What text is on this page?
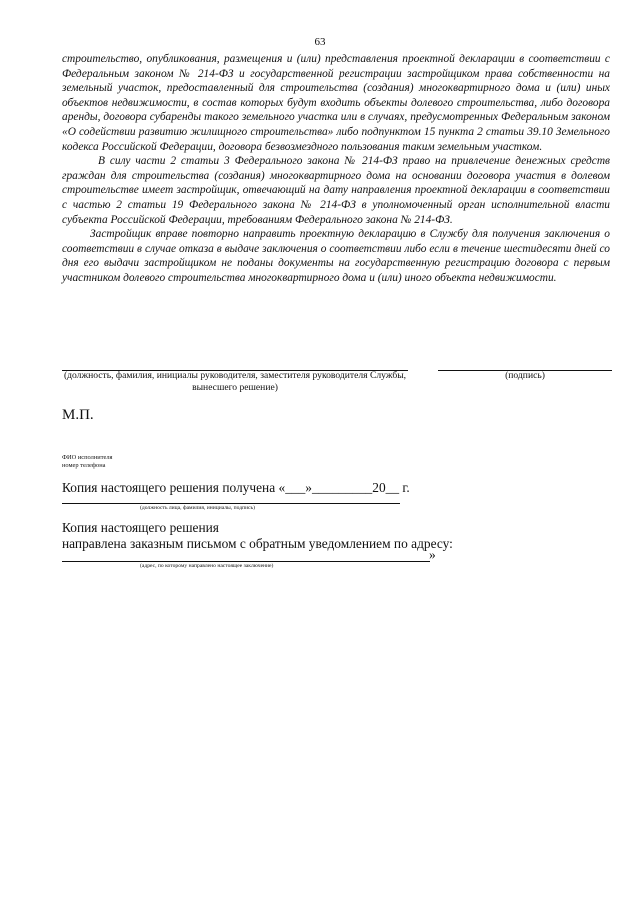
63

строительство, опубликования, размещения и (или) представления проектной декларации в соответствии с Федеральным законом № 214-ФЗ и государственной регистрации застройщиком права собственности на земельный участок, предоставленный для строительства (создания) многоквартирного дома и (или) иных объектов недвижимости, в состав которых будут входить объекты долевого строительства, либо договора аренды, договора субаренды такого земельного участка или в случаях, предусмотренных Федеральным законом «О содействии развитию жилищного строительства» либо подпунктом 15 пункта 2 статьи 39.10 Земельного кодекса Российской Федерации, договора безвозмездного пользования таким земельным участком.

В силу части 2 статьи 3 Федерального закона № 214-ФЗ право на привлечение денежных средств граждан для строительства (создания) многоквартирного дома на основании договора участия в долевом строительстве имеет застройщик, отвечающий на дату направления проектной декларации в соответствии с частью 2 статьи 19 Федерального закона № 214-ФЗ в уполномоченный орган исполнительной власти субъекта Российской Федерации, требованиям Федерального закона № 214-ФЗ.

Застройщик вправе повторно направить проектную декларацию в Службу для получения заключения о соответствии в случае отказа в выдаче заключения о соответствии либо если в течение шестидесяти дней со дня его выдачи застройщиком не поданы документы на государственную регистрацию договора с первым участником долевого строительства многоквартирного дома и (или) иного объекта недвижимости.

(должность, фамилия, инициалы руководителя, заместителя руководителя Службы, вынесшего решение)
(подпись)
М.П.
ФИО исполнителя
номер телефона
Копия настоящего решения получена «___»_________20__ г.
(должность лица, фамилия, инициалы, подпись)
Копия настоящего решения
направлена заказным письмом с обратным уведомлением по адресу:
»
(адрес, по которому направлено настоящее заключение)
